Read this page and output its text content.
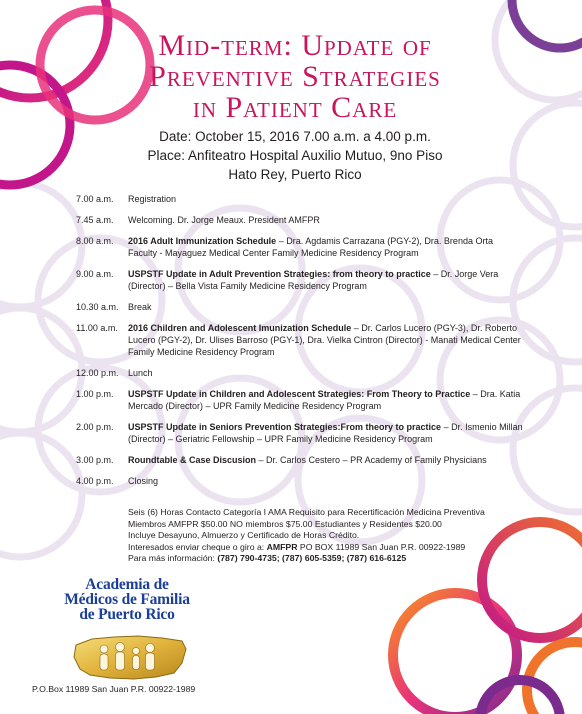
Mid-term: Update of
Preventive Strategies
in Patient Care
Date: October 15, 2016 7.00 a.m. a 4.00 p.m.
Place: Anfiteatro Hospital Auxilio Mutuo, 9no Piso
Hato Rey, Puerto Rico
7.00 a.m.	Registration
7.45 a.m.	Welcoming. Dr. Jorge Meaux. President AMFPR
8.00 a.m.	2016 Adult Immunization Schedule – Dra. Agdamis Carrazana (PGY-2), Dra. Brenda Orta Faculty - Mayaguez Medical Center Family Medicine Residency Program
9.00 a.m.	USPSTF Update in Adult Prevention Strategies: from theory to practice – Dr. Jorge Vera (Director) – Bella Vista Family Medicine Residency Program
10.30 a.m.	Break
11.00 a.m.	2016 Children and Adolescent Imunization Schedule – Dr. Carlos Lucero (PGY-3), Dr. Roberto Lucero (PGY-2), Dr. Ulises Barroso (PGY-1), Dra. Vielka Cintron (Director) - Manati Medical Center Family Medicine Residency Program
12.00 p.m.	Lunch
1.00 p.m.	USPSTF Update in Children and Adolescent Strategies: From Theory to Practice – Dra. Katia Mercado (Director) – UPR Family Medicine Residency Program
2.00 p.m.	USPSTF Update in Seniors Prevention Strategies:From theory to practice – Dr. Ismenio Millan (Director) – Geriatric Fellowship – UPR Family Medicine Residency Program
3.00 p.m.	Roundtable & Case Discusion – Dr. Carlos Cestero – PR Academy of Family Physicians
4.00 p.m.	Closing
Seis (6) Horas Contacto Categoría I AMA Requisito para Recertificación Medicina Preventiva
Miembros AMFPR $50.00 NO miembros $75.00 Estudiantes y Residentes $20.00
Incluye Desayuno, Almuerzo y Certificado de Horas Crédito.
Interesados enviar cheque o giro a: AMFPR PO BOX 11989 San Juan P.R. 00922-1989
Para más información: (787) 790-4735; (787) 605-5359; (787) 616-6125
Academia de
Médicos de Familia
de Puerto Rico
P.O.Box 11989 San Juan P.R. 00922-1989
